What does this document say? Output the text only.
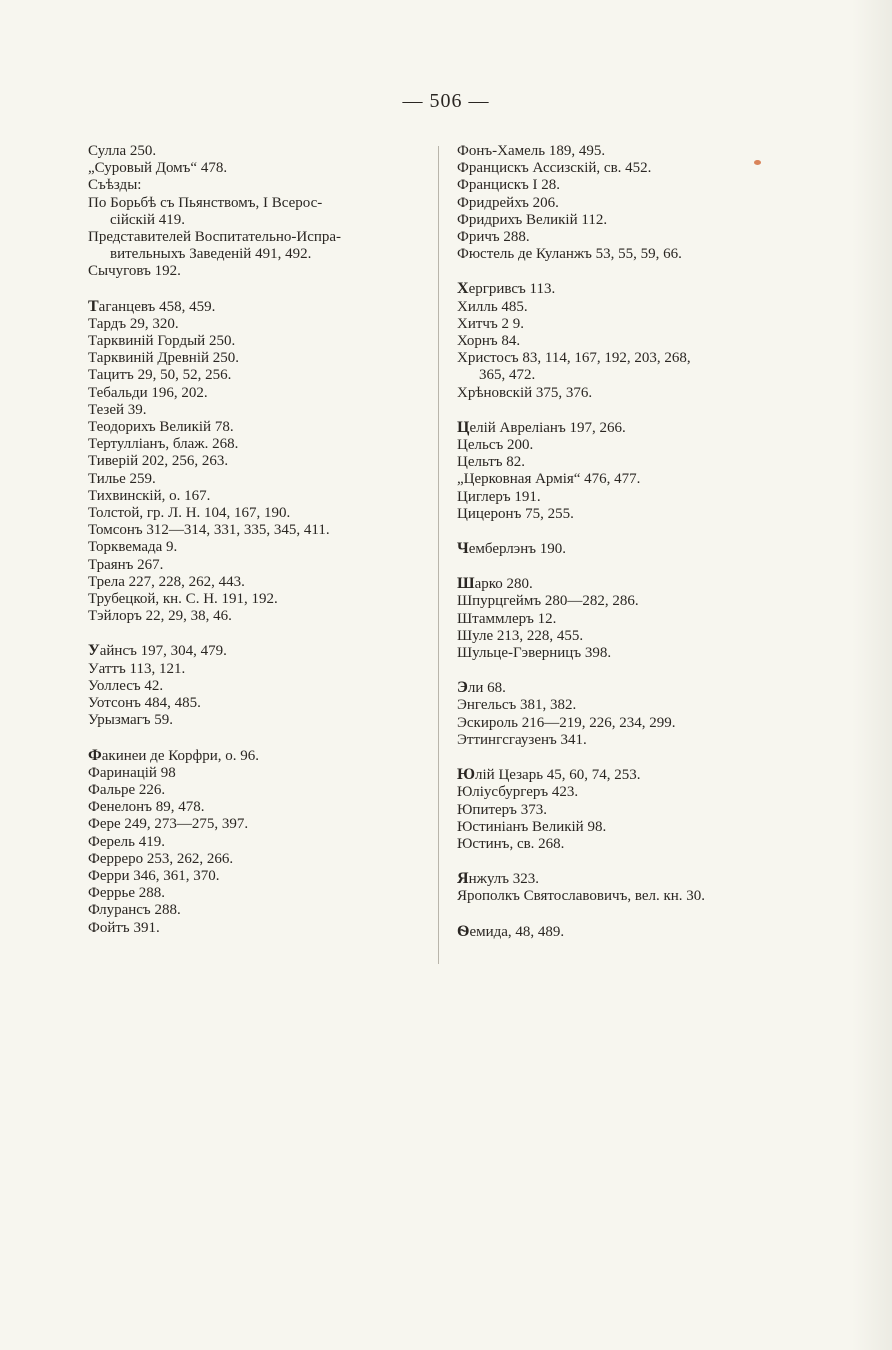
— 506 —
Сулла 250.
„Суровый Домъ“ 478.
Съѣзды:
По Борьбѣ съ Пьянствомъ, I Всерос-
сiйскiй 419.
Представителей Воспитательно-Испра-
вительныхъ Заведенiй 491, 492.
Сычуговъ 192.
Таганцевъ 458, 459.
Тардъ 29, 320.
Тарквинiй Гордый 250.
Тарквинiй Древнiй 250.
Тацитъ 29, 50, 52, 256.
Тебальди 196, 202.
Тезей 39.
Теодорихъ Великiй 78.
Тертулліанъ, блаж. 268.
Тиверiй 202, 256, 263.
Тилье 259.
Тихвинскiй, о. 167.
Толстой, гр. Л. Н. 104, 167, 190.
Томсонъ 312—314, 331, 335, 345, 411.
Торквемада 9.
Траянъ 267.
Трела 227, 228, 262, 443.
Трубецкой, кн. С. Н. 191, 192.
Тэйлоръ 22, 29, 38, 46.
Уайнсъ 197, 304, 479.
Уаттъ 113, 121.
Уоллесъ 42.
Уотсонъ 484, 485.
Урызмагъ 59.
Факинеи де Корфри, о. 96.
Фаринацiй 98
Фальре 226.
Фенелонъ 89, 478.
Фере 249, 273—275, 397.
Ферель 419.
Ферреро 253, 262, 266.
Ферри 346, 361, 370.
Феррье 288.
Флурансъ 288.
Фойтъ 391.
Фонъ-Хамель 189, 495.
Францискъ Ассизскiй, св. 452.
Францискъ I 28.
Фридрейхъ 206.
Фридрихъ Великiй 112.
Фричъ 288.
Фюстель де Куланжъ 53, 55, 59, 66.
Хергривсъ 113.
Хилль 485.
Хитчъ 2 9.
Хорнъ 84.
Христосъ 83, 114, 167, 192, 203, 268,
365, 472.
Хрѣновскiй 375, 376.
Целiй Аврелiанъ 197, 266.
Цельсъ 200.
Цельтъ 82.
„Церковная Армiя“ 476, 477.
Циглеръ 191.
Цицеронъ 75, 255.
Чемберлэнъ 190.
Шарко 280.
Шпурцгеймъ 280—282, 286.
Штаммлеръ 12.
Шуле 213, 228, 455.
Шульце-Гэверницъ 398.
Эли 68.
Энгельсъ 381, 382.
Эскироль 216—219, 226, 234, 299.
Эттингсгаузенъ 341.
Юлiй Цезарь 45, 60, 74, 253.
Юлiусбургеръ 423.
Юпитеръ 373.
Юстинiанъ Великiй 98.
Юстинъ, св. 268.
Янжулъ 323.
Ярополкъ Святославовичъ, вел. кн. 30.
Ѳемида, 48, 489.
